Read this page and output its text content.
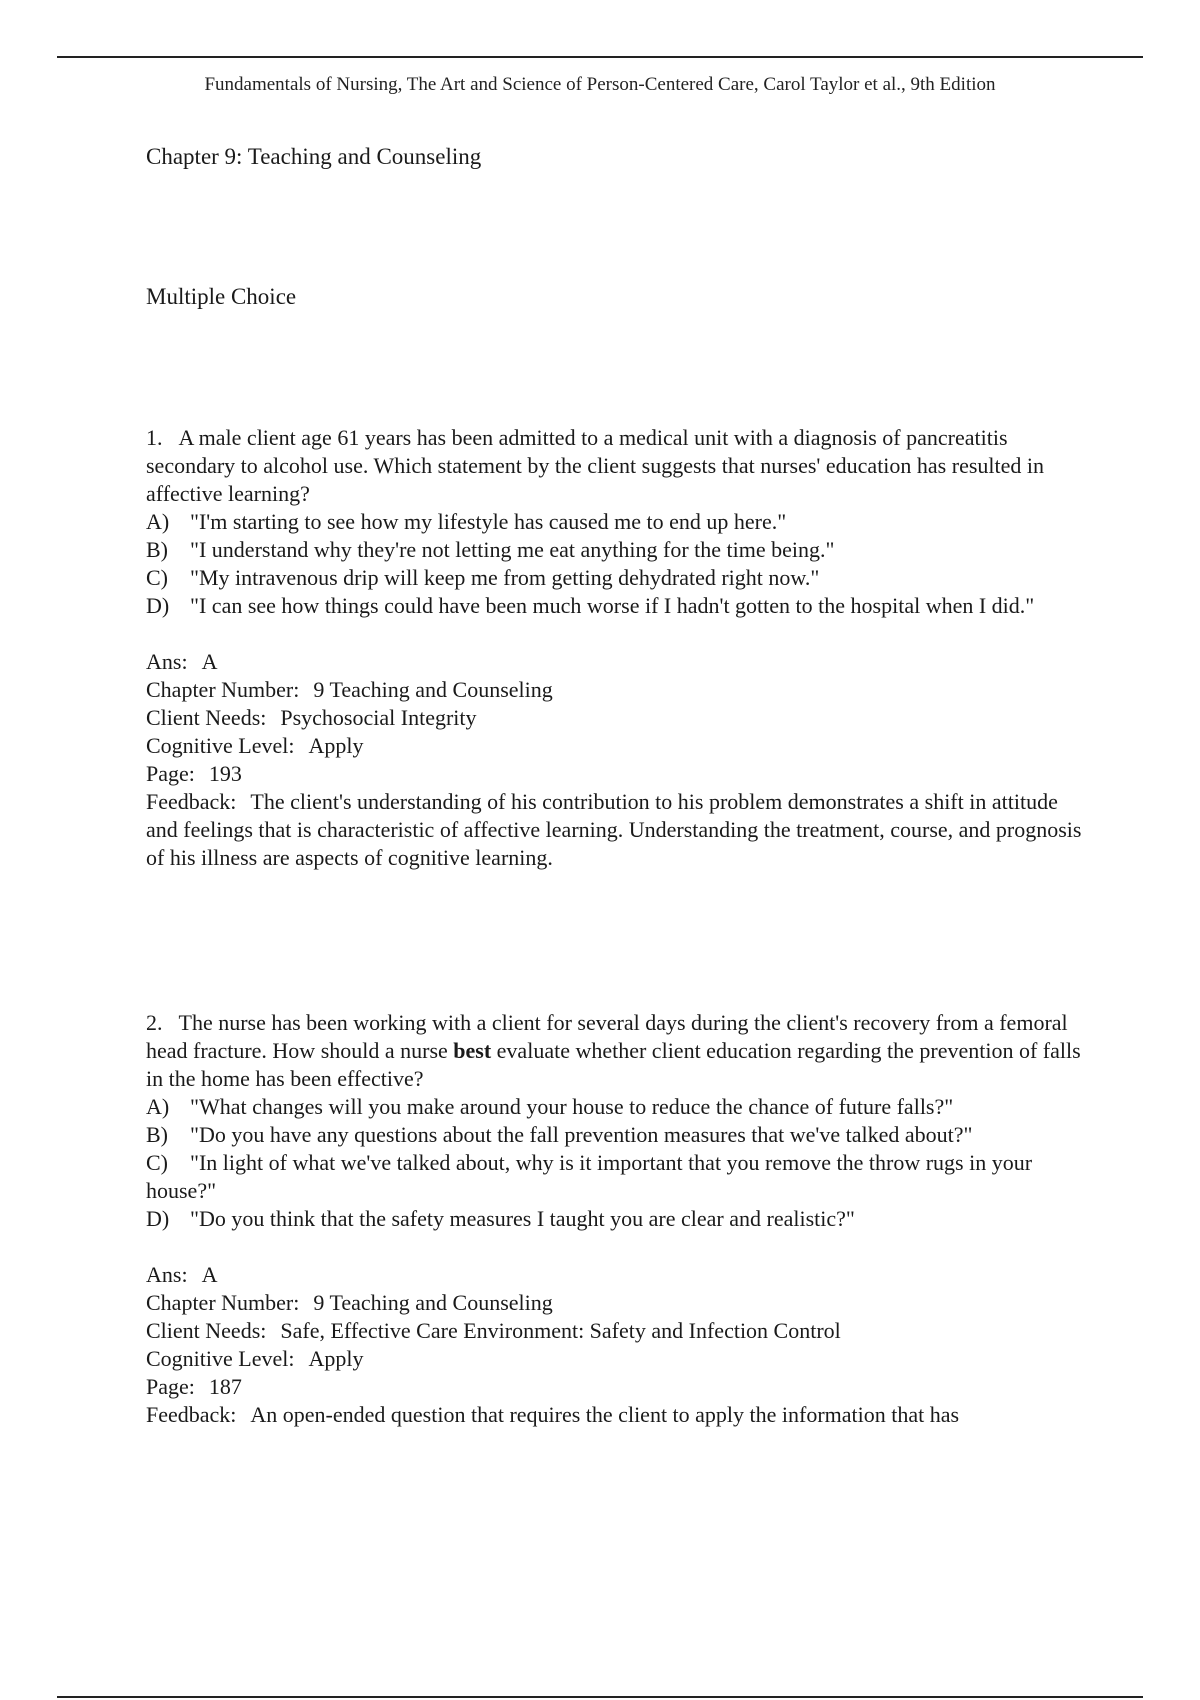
Fundamentals of Nursing, The Art and Science of Person-Centered Care, Carol Taylor et al., 9th Edition
Chapter 9: Teaching and Counseling
Multiple Choice

1. A male client age 61 years has been admitted to a medical unit with a diagnosis of pancreatitis secondary to alcohol use. Which statement by the client suggests that nurses' education has resulted in affective learning?

A) "I'm starting to see how my lifestyle has caused me to end up here."

B) "I understand why they're not letting me eat anything for the time being."

C) "My intravenous drip will keep me from getting dehydrated right now."

D) "I can see how things could have been much worse if I hadn't gotten to the hospital when I did."

Ans: A

Chapter Number: 9 Teaching and Counseling

Client Needs: Psychosocial Integrity

Cognitive Level: Apply

Page: 193

Feedback: The client's understanding of his contribution to his problem demonstrates a shift in attitude and feelings that is characteristic of affective learning. Understanding the treatment, course, and prognosis of his illness are aspects of cognitive learning.

2. The nurse has been working with a client for several days during the client's recovery from a femoral head fracture. How should a nurse best evaluate whether client education regarding the prevention of falls in the home has been effective?

A) "What changes will you make around your house to reduce the chance of future falls?"

B) "Do you have any questions about the fall prevention measures that we've talked about?"

C) "In light of what we've talked about, why is it important that you remove the throw rugs in your house?"

D) "Do you think that the safety measures I taught you are clear and realistic?"

Ans: A

Chapter Number: 9 Teaching and Counseling

Client Needs: Safe, Effective Care Environment: Safety and Infection Control

Cognitive Level: Apply

Page: 187

Feedback: An open-ended question that requires the client to apply the information that has
